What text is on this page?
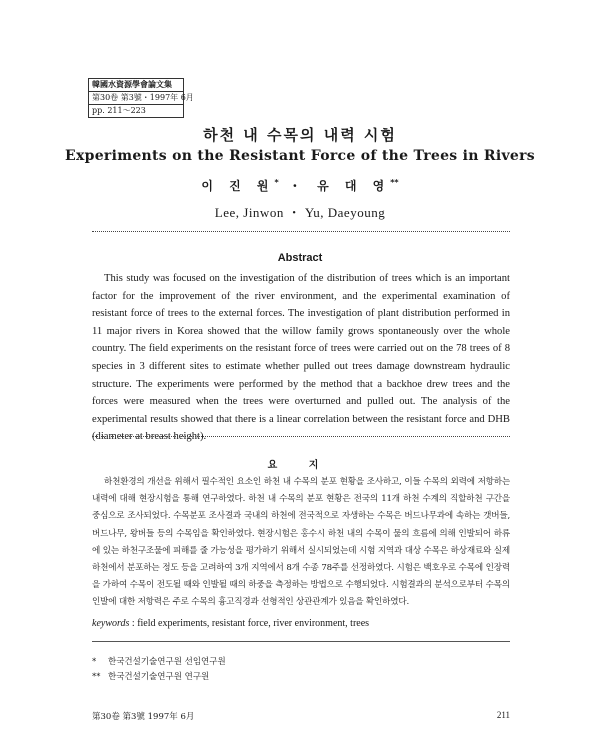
韓國水資源學會論文集
第30卷 第3號・1997年 6月
pp. 211～223
하천 내 수목의 내력 시험
Experiments on the Resistant Force of the Trees in Rivers
이 진 원* ・ 유 대 영**
Lee, Jinwon ・ Yu, Daeyoung
Abstract
This study was focused on the investigation of the distribution of trees which is an important factor for the improvement of the river environment, and the experimental examination of resistant force of trees to the external forces. The investigation of plant distribution performed in 11 major rivers in Korea showed that the willow family grows spontaneously over the whole country. The field experiments on the resistant force of trees were carried out on the 78 trees of 8 species in 3 different sites to estimate whether pulled out trees damage downstream hydraulic structure. The experiments were performed by the method that a backhoe drew trees and the forces were measured when the trees were overturned and pulled out. The analysis of the experimental results showed that there is a linear correlation between the resistant force and DHB (diameter at breast height).
요 지
하천환경의 개선을 위해서 필수적인 요소인 하천 내 수목의 분포 현황을 조사하고, 이들 수목의 외력에 저항하는 내력에 대해 현장시험을 통해 연구하였다. 하천 내 수목의 분포 현황은 전국의 11개 하천 수계의 직할하천 구간을 중심으로 조사되었다. 수목분포 조사결과 국내의 하천에 전국적으로 자생하는 수목은 버드나무과에 속하는 갯버들, 버드나무, 왕버들 등의 수목임을 확인하였다. 현장시험은 홍수시 하천 내의 수목이 물의 흐름에 의해 인발되어 하류에 있는 하천구조물에 피해를 줄 가능성을 평가하기 위해서 실시되었는데 시험 지역과 대상 수목은 하상재료와 실제 하천에서 분포하는 정도 등을 고려하여 3개 지역에서 8개 수종 78주를 선정하였다. 시험은 백호우로 수목에 인장력을 가하여 수목이 전도될 때와 인발될 때의 하중을 측정하는 방법으로 수행되었다. 시험결과의 분석으로부터 수목의 인발에 대한 저항력은 주로 수목의 흉고직경과 선형적인 상관관계가 있음을 확인하였다.
keywords : field experiments, resistant force, river environment, trees
* 한국건설기술연구원 선임연구원
** 한국건설기술연구원 연구원
第30卷 第3號 1997年 6月	211
